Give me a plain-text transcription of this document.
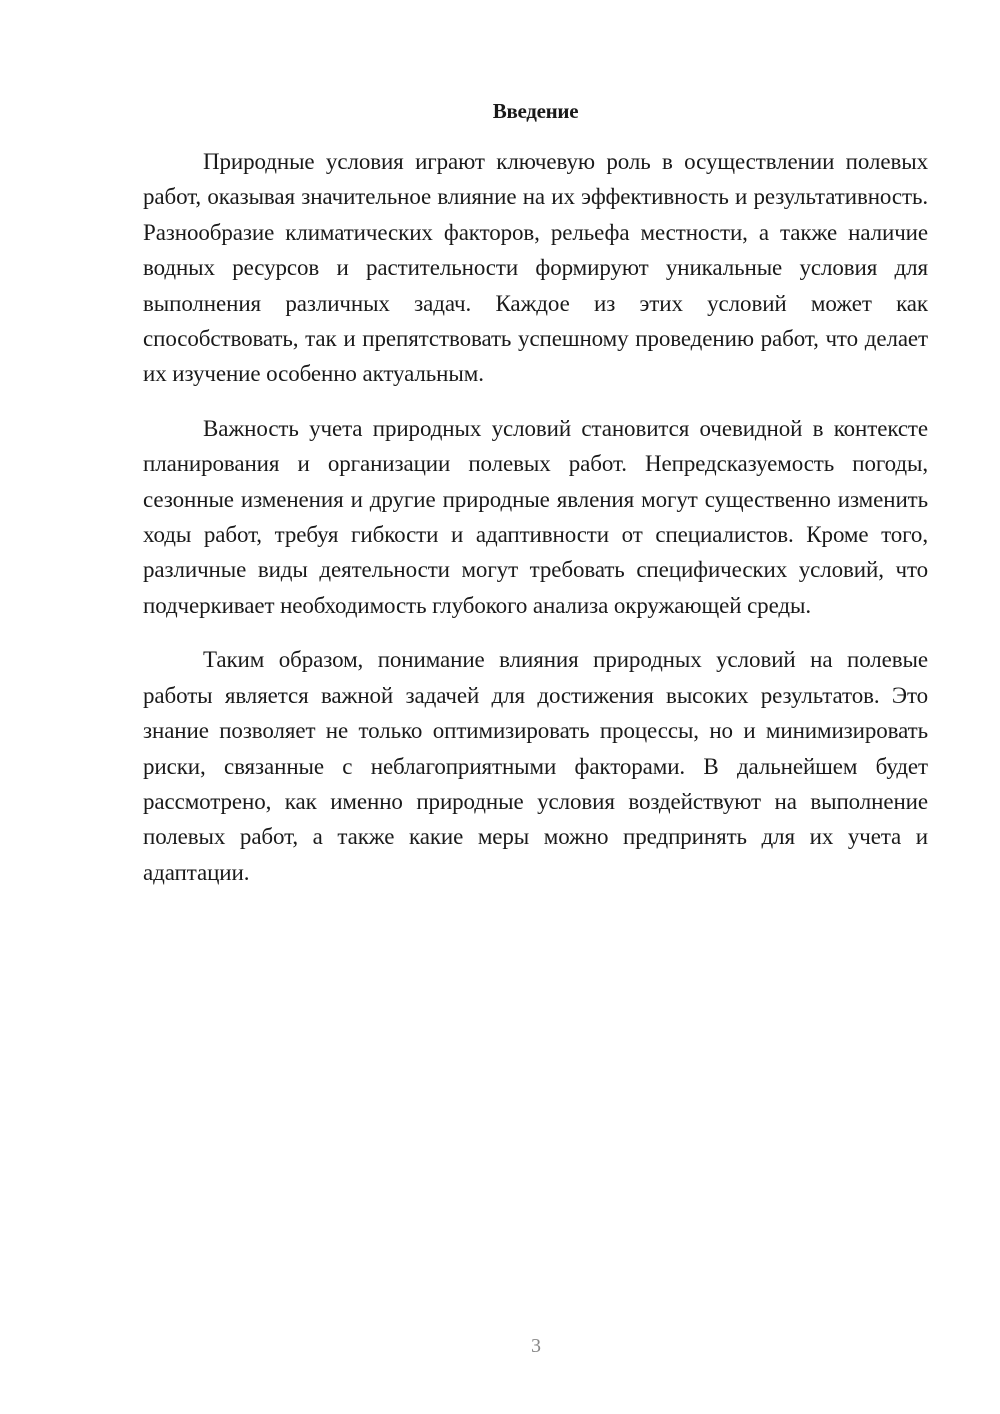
Введение

Природные условия играют ключевую роль в осуществлении полевых работ, оказывая значительное влияние на их эффективность и результативность. Разнообразие климатических факторов, рельефа местности, а также наличие водных ресурсов и растительности формируют уникальные условия для выполнения различных задач. Каждое из этих условий может как способствовать, так и препятствовать успешному проведению работ, что делает их изучение особенно актуальным.

Важность учета природных условий становится очевидной в контексте планирования и организации полевых работ. Непредсказуемость погоды, сезонные изменения и другие природные явления могут существенно изменить ходы работ, требуя гибкости и адаптивности от специалистов. Кроме того, различные виды деятельности могут требовать специфических условий, что подчеркивает необходимость глубокого анализа окружающей среды.

Таким образом, понимание влияния природных условий на полевые работы является важной задачей для достижения высоких результатов. Это знание позволяет не только оптимизировать процессы, но и минимизировать риски, связанные с неблагоприятными факторами. В дальнейшем будет рассмотрено, как именно природные условия воздействуют на выполнение полевых работ, а также какие меры можно предпринять для их учета и адаптации.

3
